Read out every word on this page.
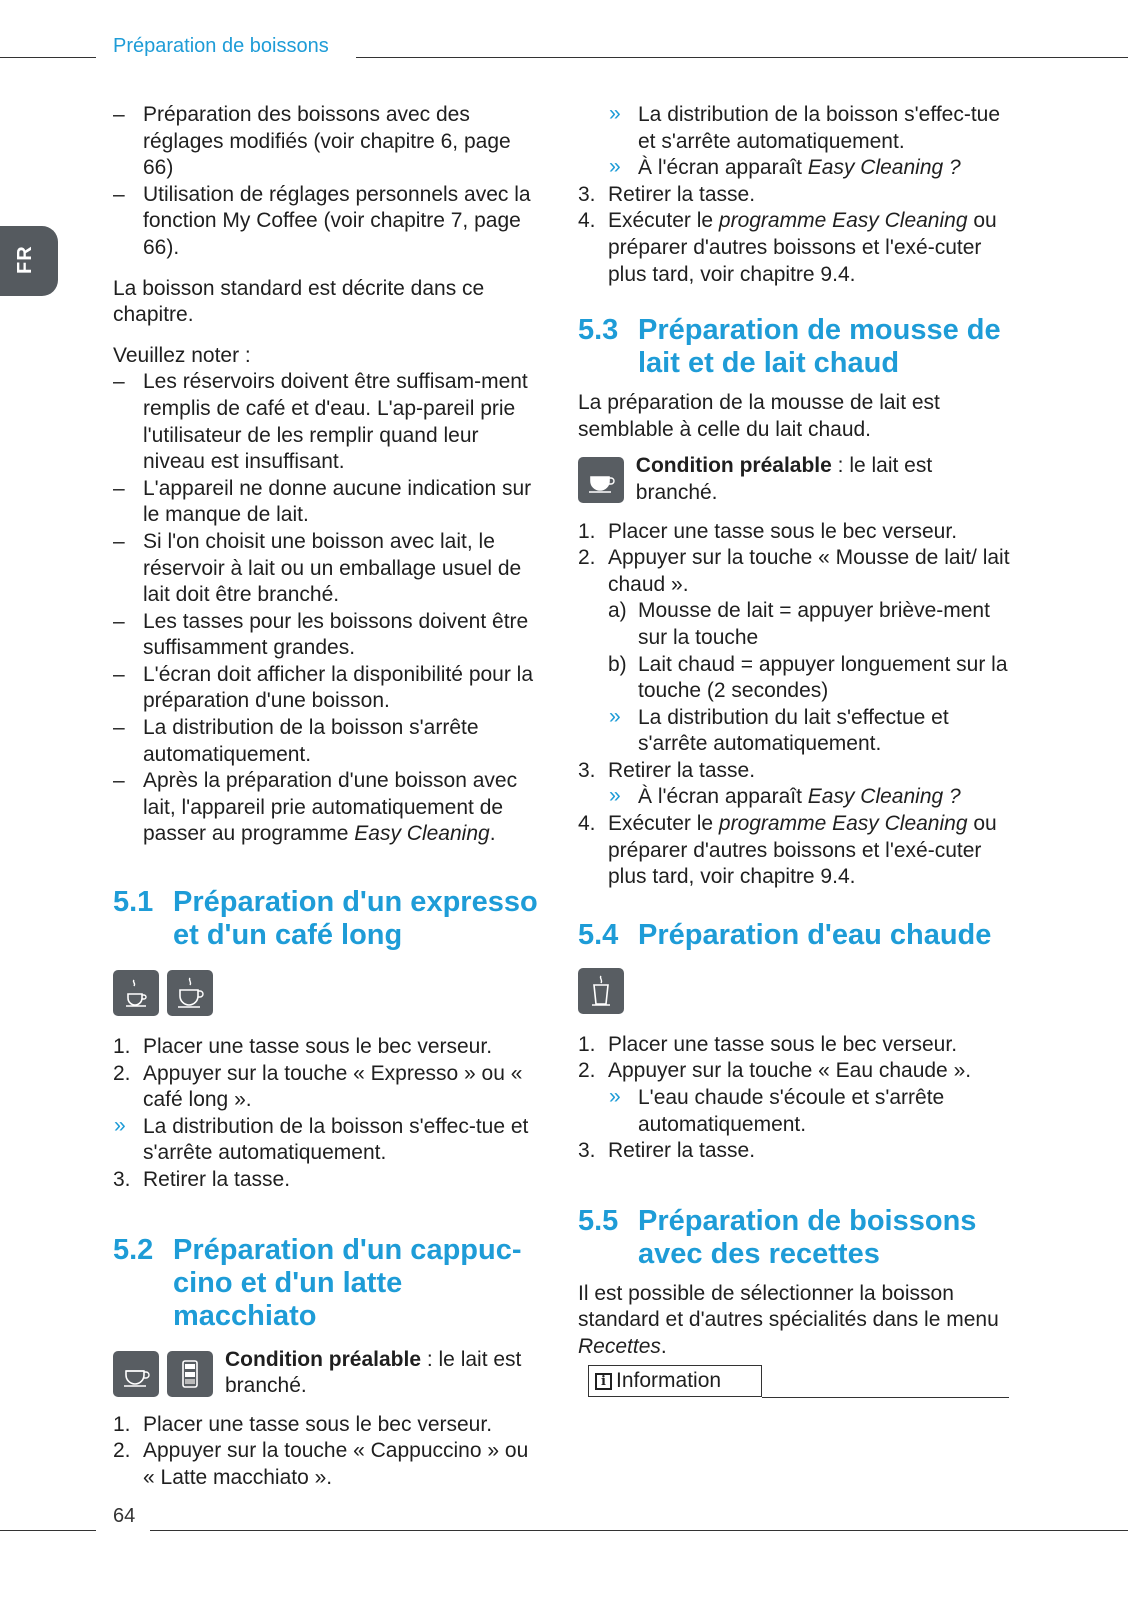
Préparation de boissons
FR
64
– Préparation des boissons avec des réglages modifiés (voir chapitre 6, page 66)
– Utilisation de réglages personnels avec la fonction My Coffee (voir chapitre 7, page 66).

La boisson standard est décrite dans ce chapitre.

Veuillez noter :
– Les réservoirs doivent être suffisam-ment remplis de café et d'eau. L'ap-pareil prie l'utilisateur de les remplir quand leur niveau est insuffisant.
– L'appareil ne donne aucune indication sur le manque de lait.
– Si l'on choisit une boisson avec lait, le réservoir à lait ou un emballage usuel de lait doit être branché.
– Les tasses pour les boissons doivent être suffisamment grandes.
– L'écran doit afficher la disponibilité pour la préparation d'une boisson.
– La distribution de la boisson s'arrête automatiquement.
– Après la préparation d'une boisson avec lait, l'appareil prie automatiquement de passer au programme Easy Cleaning.
5.1 Préparation d'un expresso et d'un café long
1. Placer une tasse sous le bec verseur.
2. Appuyer sur la touche « Expresso » ou « café long ».
» La distribution de la boisson s'effec-tue et s'arrête automatiquement.
3. Retirer la tasse.
5.2 Préparation d'un cappuc-cino et d'un latte macchiato
Condition préalable : le lait est branché.
1. Placer une tasse sous le bec verseur.
2. Appuyer sur la touche « Cappuccino » ou « Latte macchiato ».
» La distribution de la boisson s'effec-tue et s'arrête automatiquement.
» À l'écran apparaît Easy Cleaning ?
3. Retirer la tasse.
4. Exécuter le programme Easy Cleaning ou préparer d'autres boissons et l'exé-cuter plus tard, voir chapitre 9.4.
5.3 Préparation de mousse de lait et de lait chaud

La préparation de la mousse de lait est semblable à celle du lait chaud.

Condition préalable : le lait est branché.
1. Placer une tasse sous le bec verseur.
2. Appuyer sur la touche « Mousse de lait/ lait chaud ».
a) Mousse de lait = appuyer briève-ment sur la touche
b) Lait chaud = appuyer longuement sur la touche (2 secondes)
» La distribution du lait s'effectue et s'arrête automatiquement.
3. Retirer la tasse.
» À l'écran apparaît Easy Cleaning ?
4. Exécuter le programme Easy Cleaning ou préparer d'autres boissons et l'exé-cuter plus tard, voir chapitre 9.4.
5.4 Préparation d'eau chaude
1. Placer une tasse sous le bec verseur.
2. Appuyer sur la touche « Eau chaude ».
» L'eau chaude s'écoule et s'arrête automatiquement.
3. Retirer la tasse.
5.5 Préparation de boissons avec des recettes

Il est possible de sélectionner la boisson standard et d'autres spécialités dans le menu Recettes.

i Information
